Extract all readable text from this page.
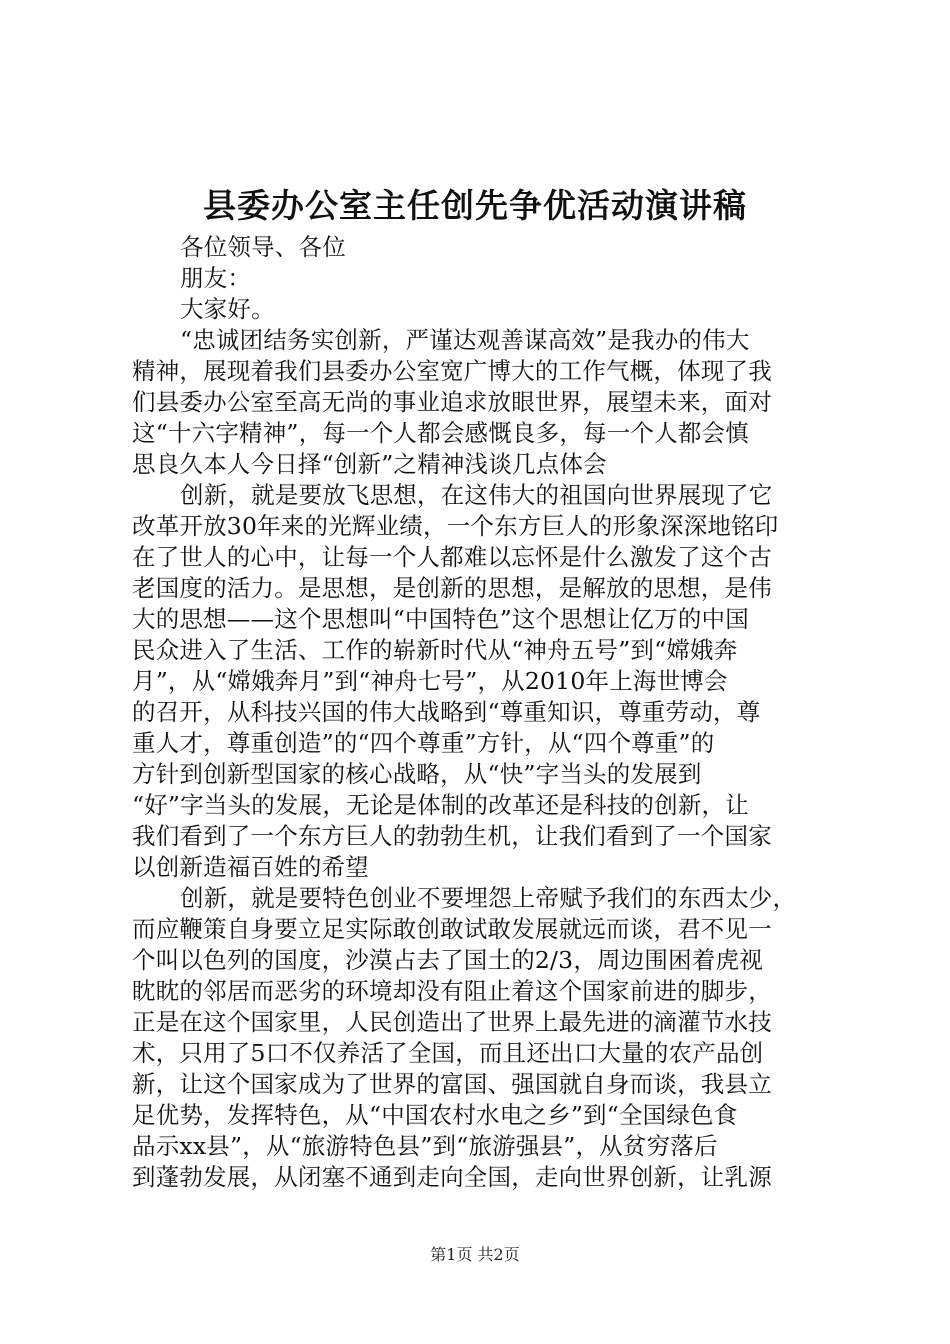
县委办公室主任创先争优活动演讲稿
各位领导、各位
朋友：
大家好。
“忠诚团结务实创新，严谨达观善谋高效”是我办的伟大
精神，展现着我们县委办公室宽广博大的工作气概，体现了我
们县委办公室至高无尚的事业追求放眼世界，展望未来，面对
这“十六字精神”，每一个人都会感慨良多，每一个人都会慎
思良久本人今日择“创新”之精神浅谈几点体会
创新，就是要放飞思想，在这伟大的祖国向世界展现了它
改革开放30年来的光辉业绩，一个东方巨人的形象深深地铭印
在了世人的心中，让每一个人都难以忘怀是什么激发了这个古
老国度的活力。是思想，是创新的思想，是解放的思想，是伟
大的思想——这个思想叫“中国特色”这个思想让亿万的中国
民众进入了生活、工作的崭新时代从“神舟五号”到“嫦娥奔
月”，从“嫦娥奔月”到“神舟七号”，从2010年上海世博会
的召开，从科技兴国的伟大战略到“尊重知识，尊重劳动，尊
重人才，尊重创造”的“四个尊重”方针，从“四个尊重”的
方针到创新型国家的核心战略，从“快”字当头的发展到
“好”字当头的发展，无论是体制的改革还是科技的创新，让
我们看到了一个东方巨人的勃勃生机，让我们看到了一个国家
以创新造福百姓的希望
创新，就是要特色创业不要埋怨上帝赋予我们的东西太少，
而应鞭策自身要立足实际敢创敢试敢发展就远而谈，君不见一
个叫以色列的国度，沙漠占去了国土的2/3，周边围困着虎视
眈眈的邻居而恶劣的环境却没有阻止着这个国家前进的脚步，
正是在这个国家里，人民创造出了世界上最先进的滴灌节水技
术，只用了5口不仅养活了全国，而且还出口大量的农产品创
新，让这个国家成为了世界的富国、强国就自身而谈，我县立
足优势，发挥特色，从“中国农村水电之乡”到“全国绿色食
品示xx县”，从“旅游特色县”到“旅游强县”，从贫穷落后
到蓬勃发展，从闭塞不通到走向全国，走向世界创新，让乳源
第1页 共2页
